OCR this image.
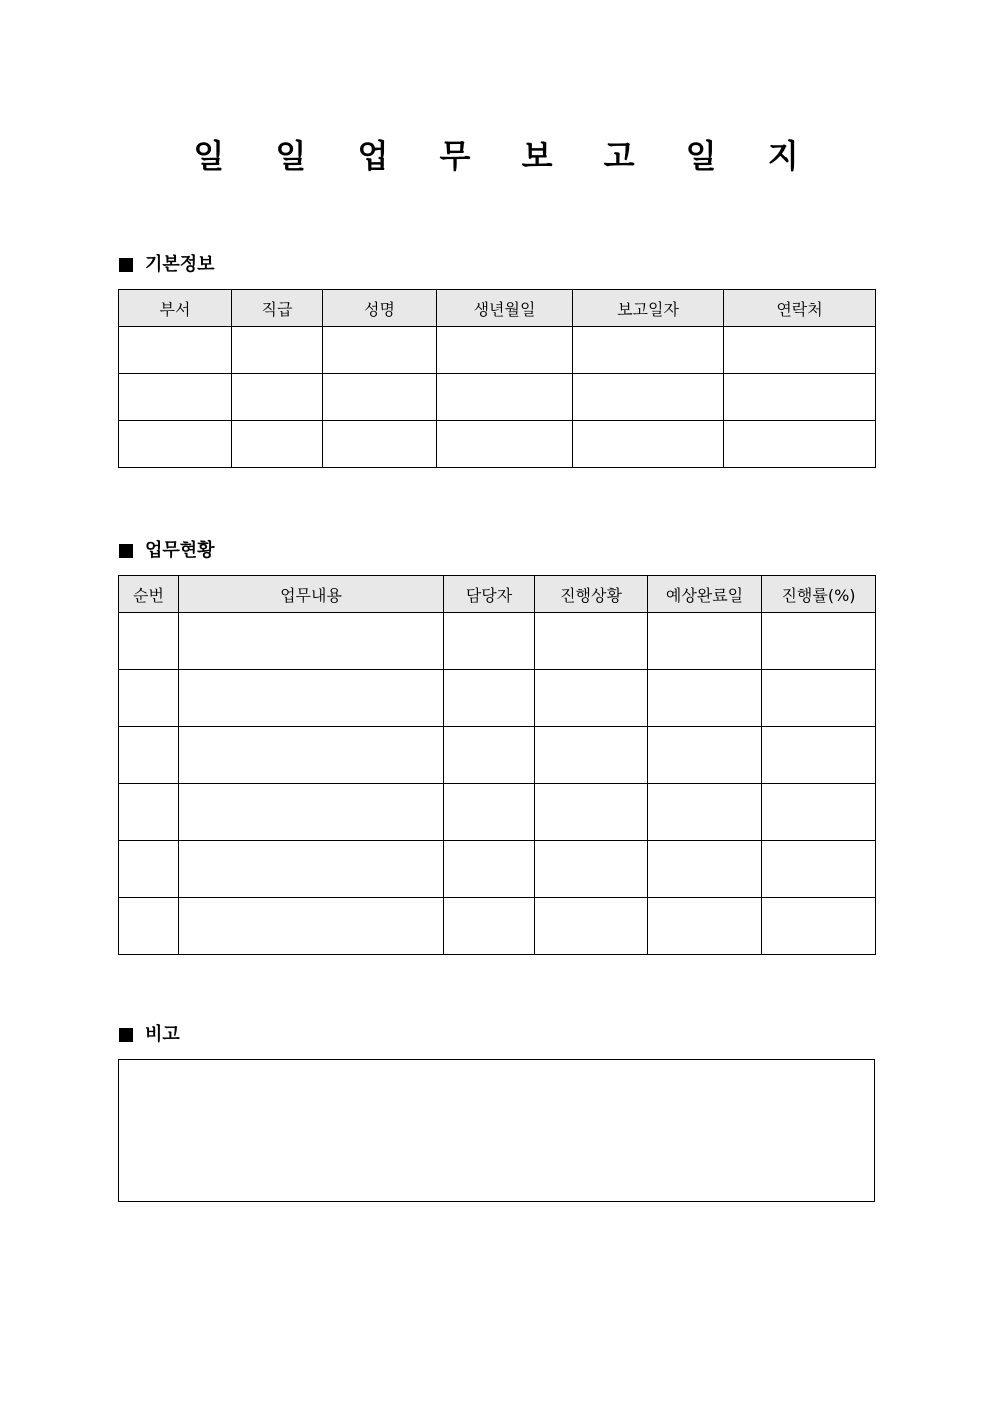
일 일 업 무 보 고 일 지
기본정보
부서	직급	성명	생년월일	보고일자	연락처

업무현황
순번	업무내용	담당자	진행상황	예상완료일	진행률(%)

비고
